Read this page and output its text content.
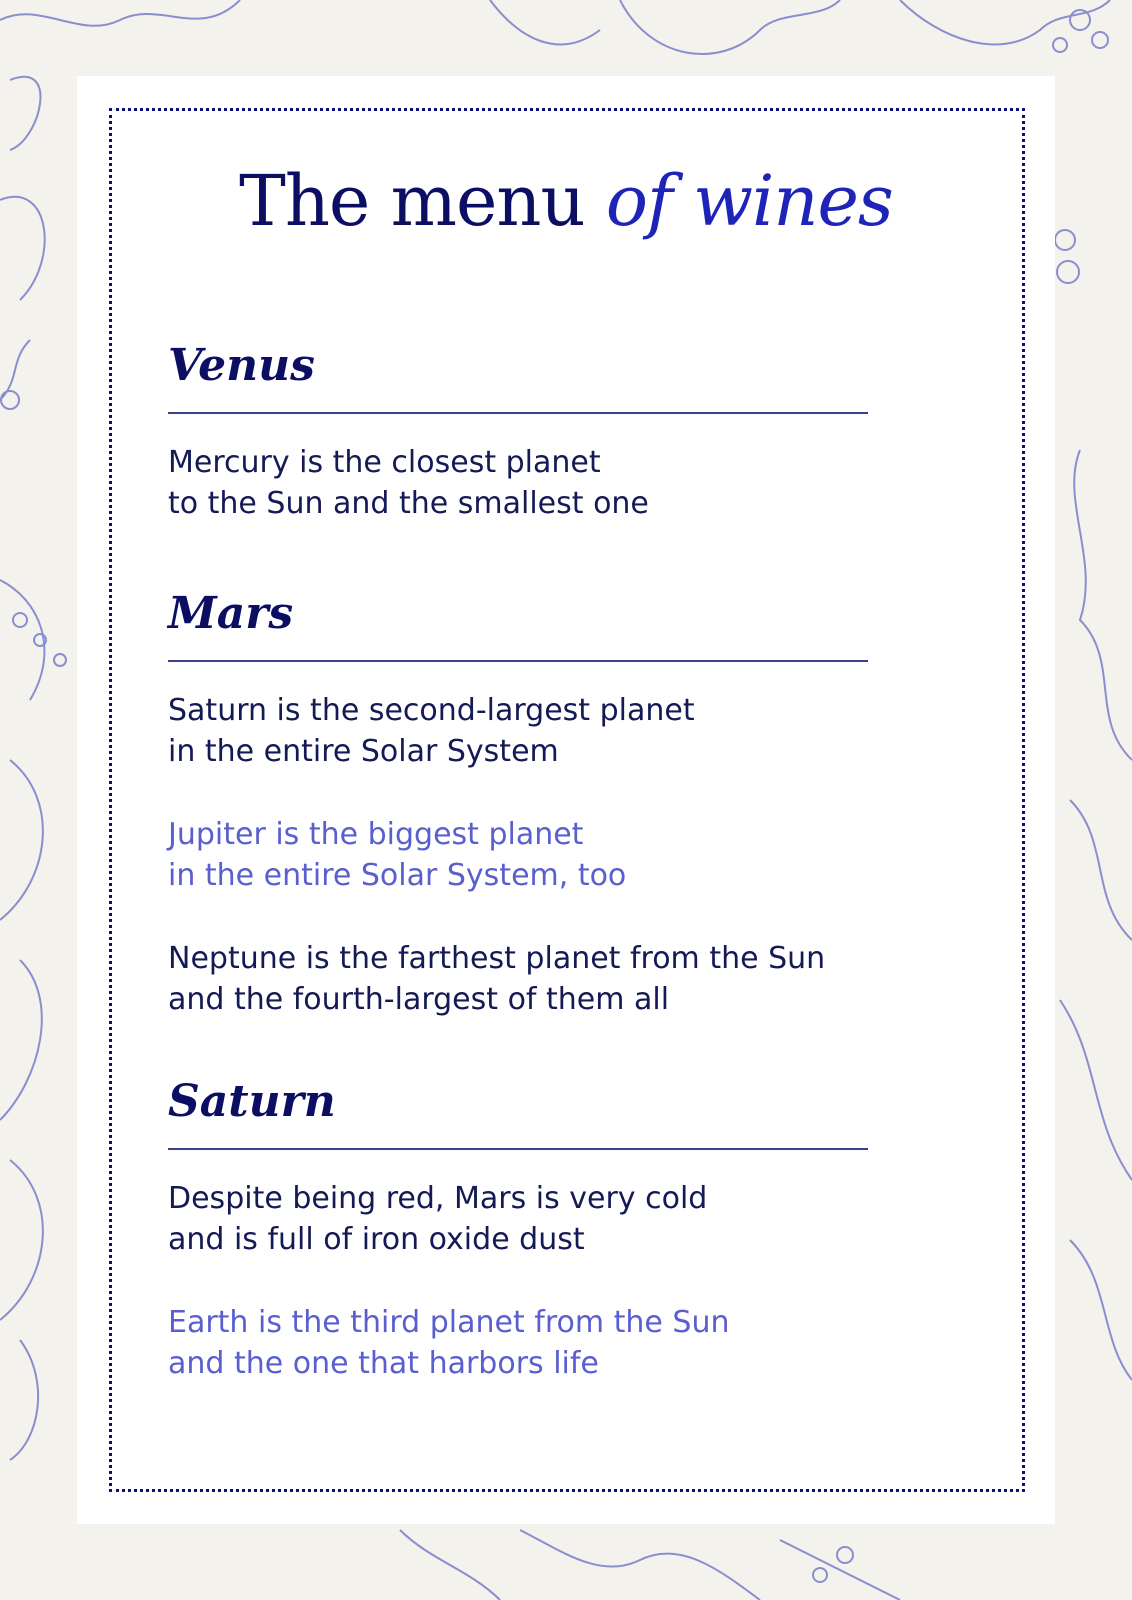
The menu of wines
Venus
Mercury is the closest planet
to the Sun and the smallest one
Mars
Saturn is the second-largest planet
in the entire Solar System
Jupiter is the biggest planet
in the entire Solar System, too
Neptune is the farthest planet from the Sun
and the fourth-largest of them all
Saturn
Despite being red, Mars is very cold
and is full of iron oxide dust
Earth is the third planet from the Sun
and the one that harbors life
